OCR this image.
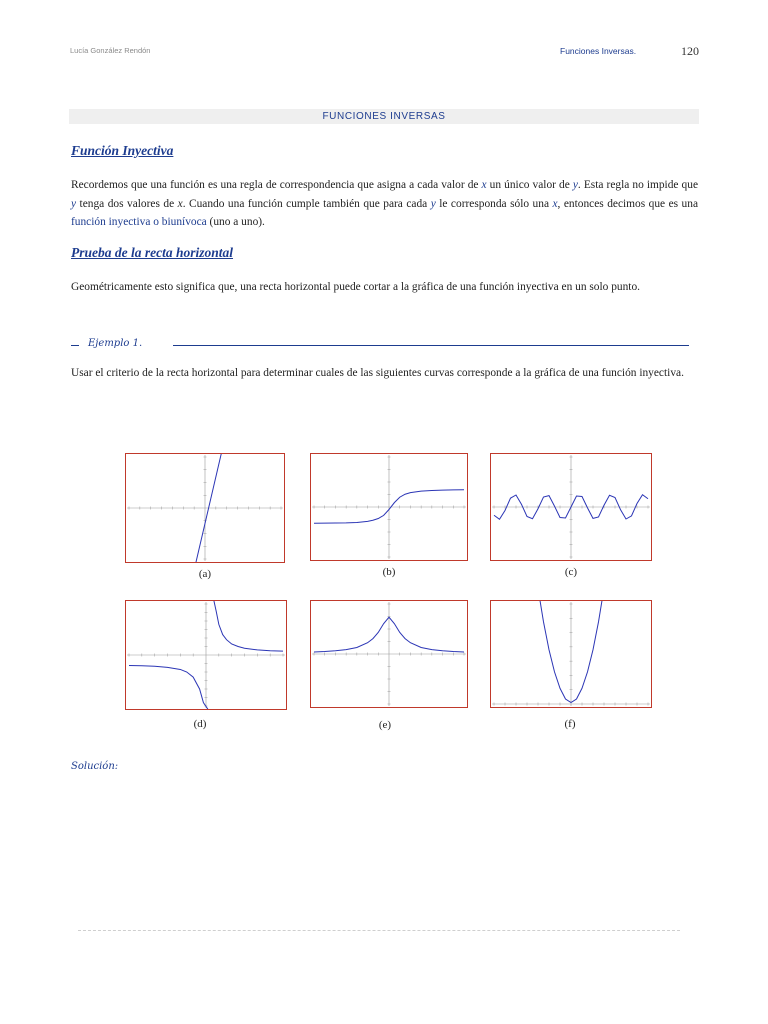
Lucía González Rendón	Funciones Inversas.	120
FUNCIONES INVERSAS
Función Inyectiva
Recordemos que una función es una regla de correspondencia que asigna a cada valor de x un único valor de y. Esta regla no impide que y tenga dos valores de x. Cuando una función cumple también que para cada y le corresponda sólo una x, entonces decimos que es una función inyectiva o biunívoca (uno a uno).
Prueba de la recta horizontal
Geométricamente esto significa que, una recta horizontal puede cortar a la gráfica de una función inyectiva en un solo punto.
Ejemplo 1.
Usar el criterio de la recta horizontal para determinar cuales de las siguientes curvas corresponde a la gráfica de una función inyectiva.
(a)	(b)	(c)
(d)	(e)	(f)
Solución:
